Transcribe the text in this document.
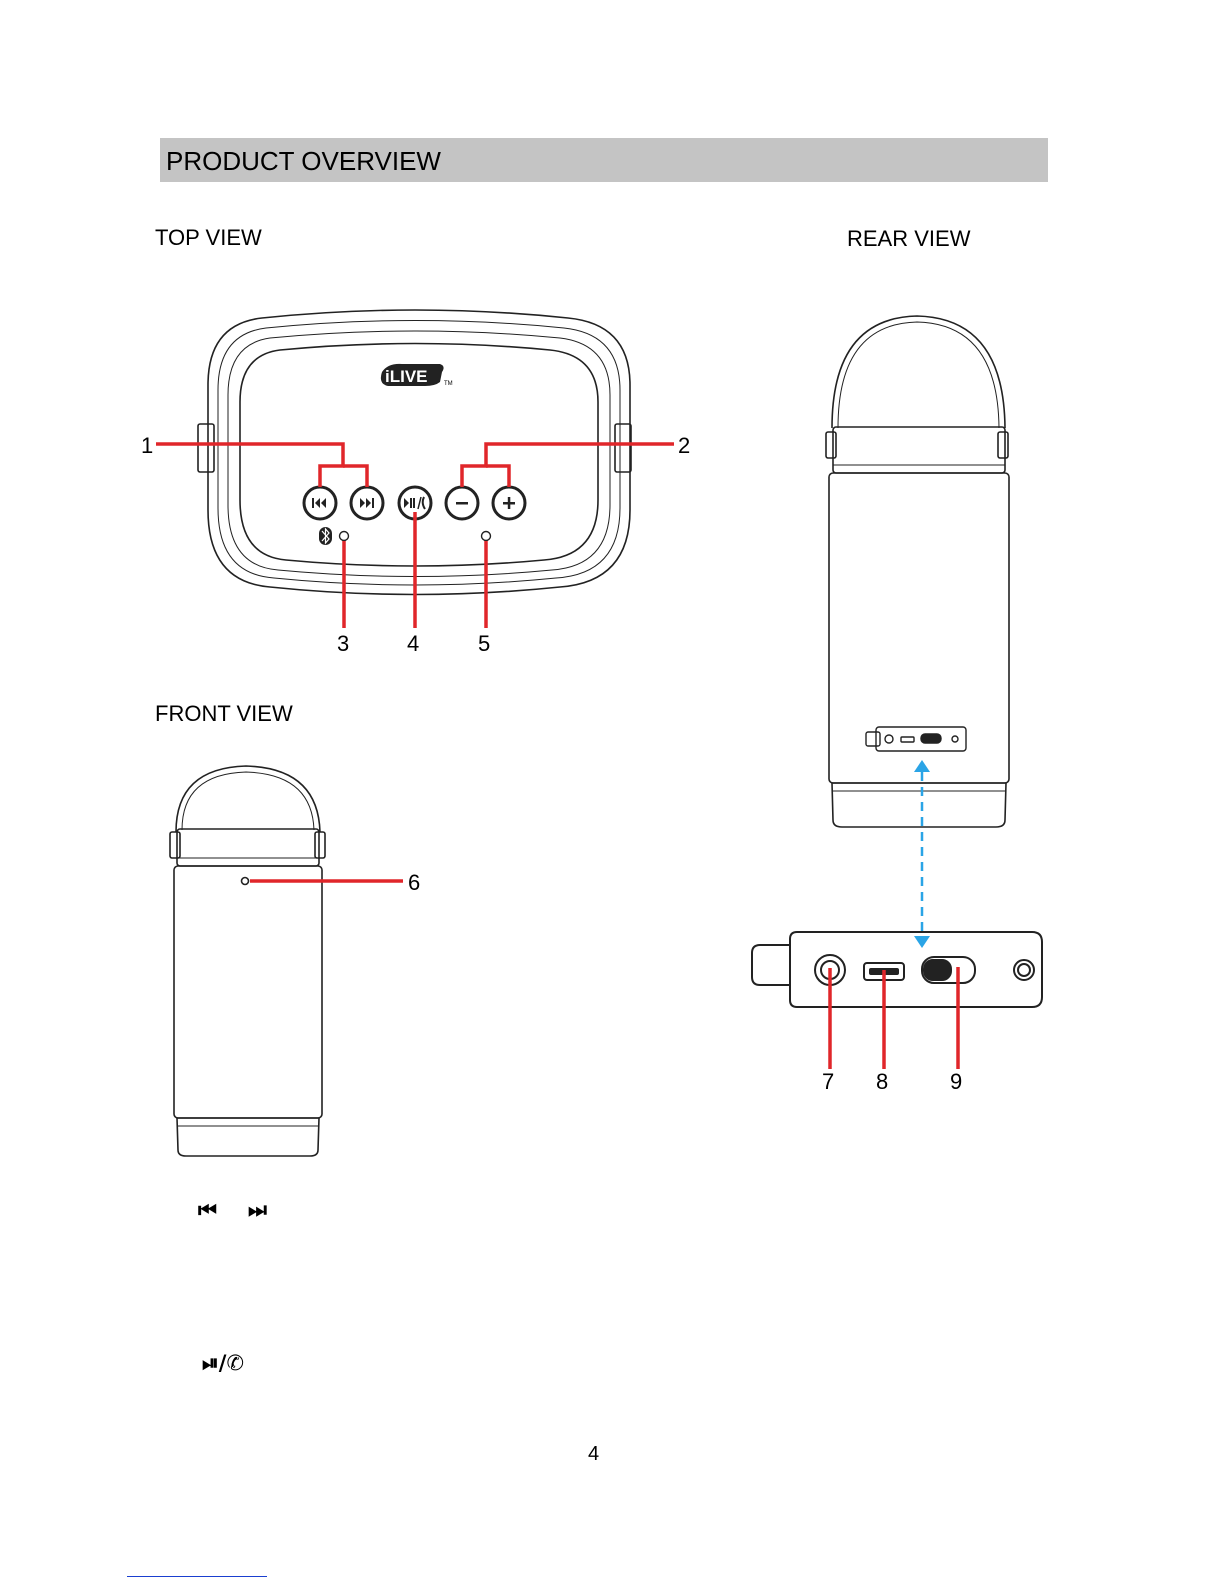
PRODUCT OVERVIEW
TOP VIEW	REAR VIEW
FRONT VIEW
iLIVE	TM
1	2
3	4	5
6
7 8	9
⏮ ⏭
⏯/✆
4
